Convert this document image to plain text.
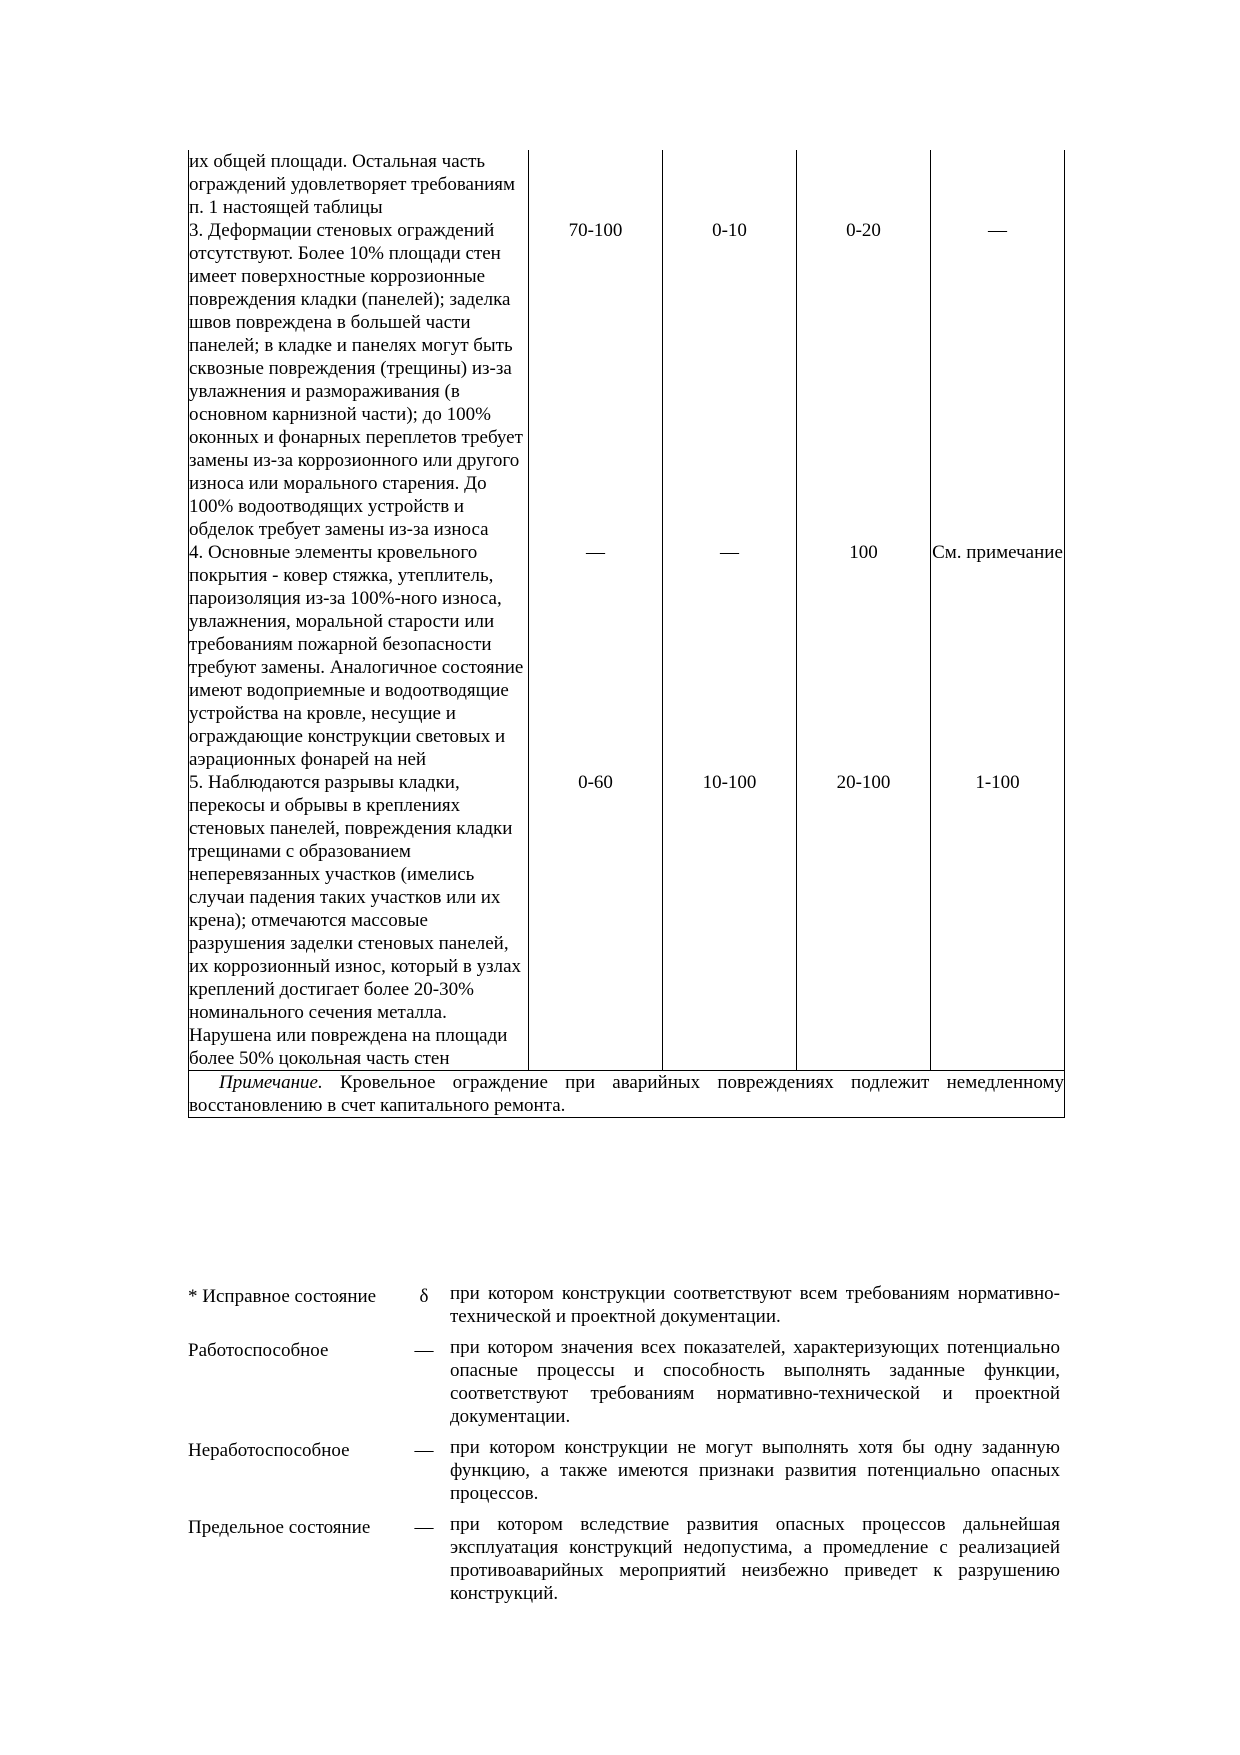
их общей площади. Остальная часть ограждений удовлетворяет требованиям п. 1 настоящей таблицы				
3. Деформации стеновых ограждений отсутствуют. Более 10% площади стен имеет поверхностные коррозионные повреждения кладки (панелей); заделка швов повреждена в большей части панелей; в кладке и панелях могут быть сквозные повреждения (трещины) из-за увлажнения и размораживания (в основном карнизной части); до 100% оконных и фонарных переплетов требует замены из-за коррозионного или другого износа или морального старения. До 100% водоотводящих устройств и обделок требует замены из-за износа	70-100	0-10	0-20	—
4. Основные элементы кровельного покрытия - ковер стяжка, утеплитель, пароизоляция из-за 100%-ного износа, увлажнения, моральной старости или требованиям пожарной безопасности требуют замены. Аналогичное состояние имеют водоприемные и водоотводящие устройства на кровле, несущие и ограждающие конструкции световых и аэрационных фонарей на ней	—	—	100	См. примечание
5. Наблюдаются разрывы кладки, перекосы и обрывы в креплениях стеновых панелей, повреждения кладки трещинами с образованием неперевязанных участков (имелись случаи падения таких участков или их крена); отмечаются массовые разрушения заделки стеновых панелей, их коррозионный износ, который в узлах креплений достигает более 20-30% номинального сечения металла. Нарушена или повреждена на площади более 50% цокольная часть стен	0-60	10-100	20-100	1-100
Примечание. Кровельное ограждение при аварийных повреждениях подлежит немедленному восстановлению в счет капитального ремонта.				
* Исправное состояние	δ	при котором конструкции соответствуют всем требованиям нормативно-технической и проектной документации.
Работоспособное	—	при котором значения всех показателей, характеризующих потенциально опасные процессы и способность выполнять заданные функции, соответствуют требованиям нормативно-технической и проектной документации.
Неработоспособное	—	при котором конструкции не могут выполнять хотя бы одну заданную функцию, а также имеются признаки развития потенциально опасных процессов.
Предельное состояние	—	при котором вследствие развития опасных процессов дальнейшая эксплуатация конструкций недопустима, а промедление с реализацией противоаварийных мероприятий неизбежно приведет к разрушению конструкций.
